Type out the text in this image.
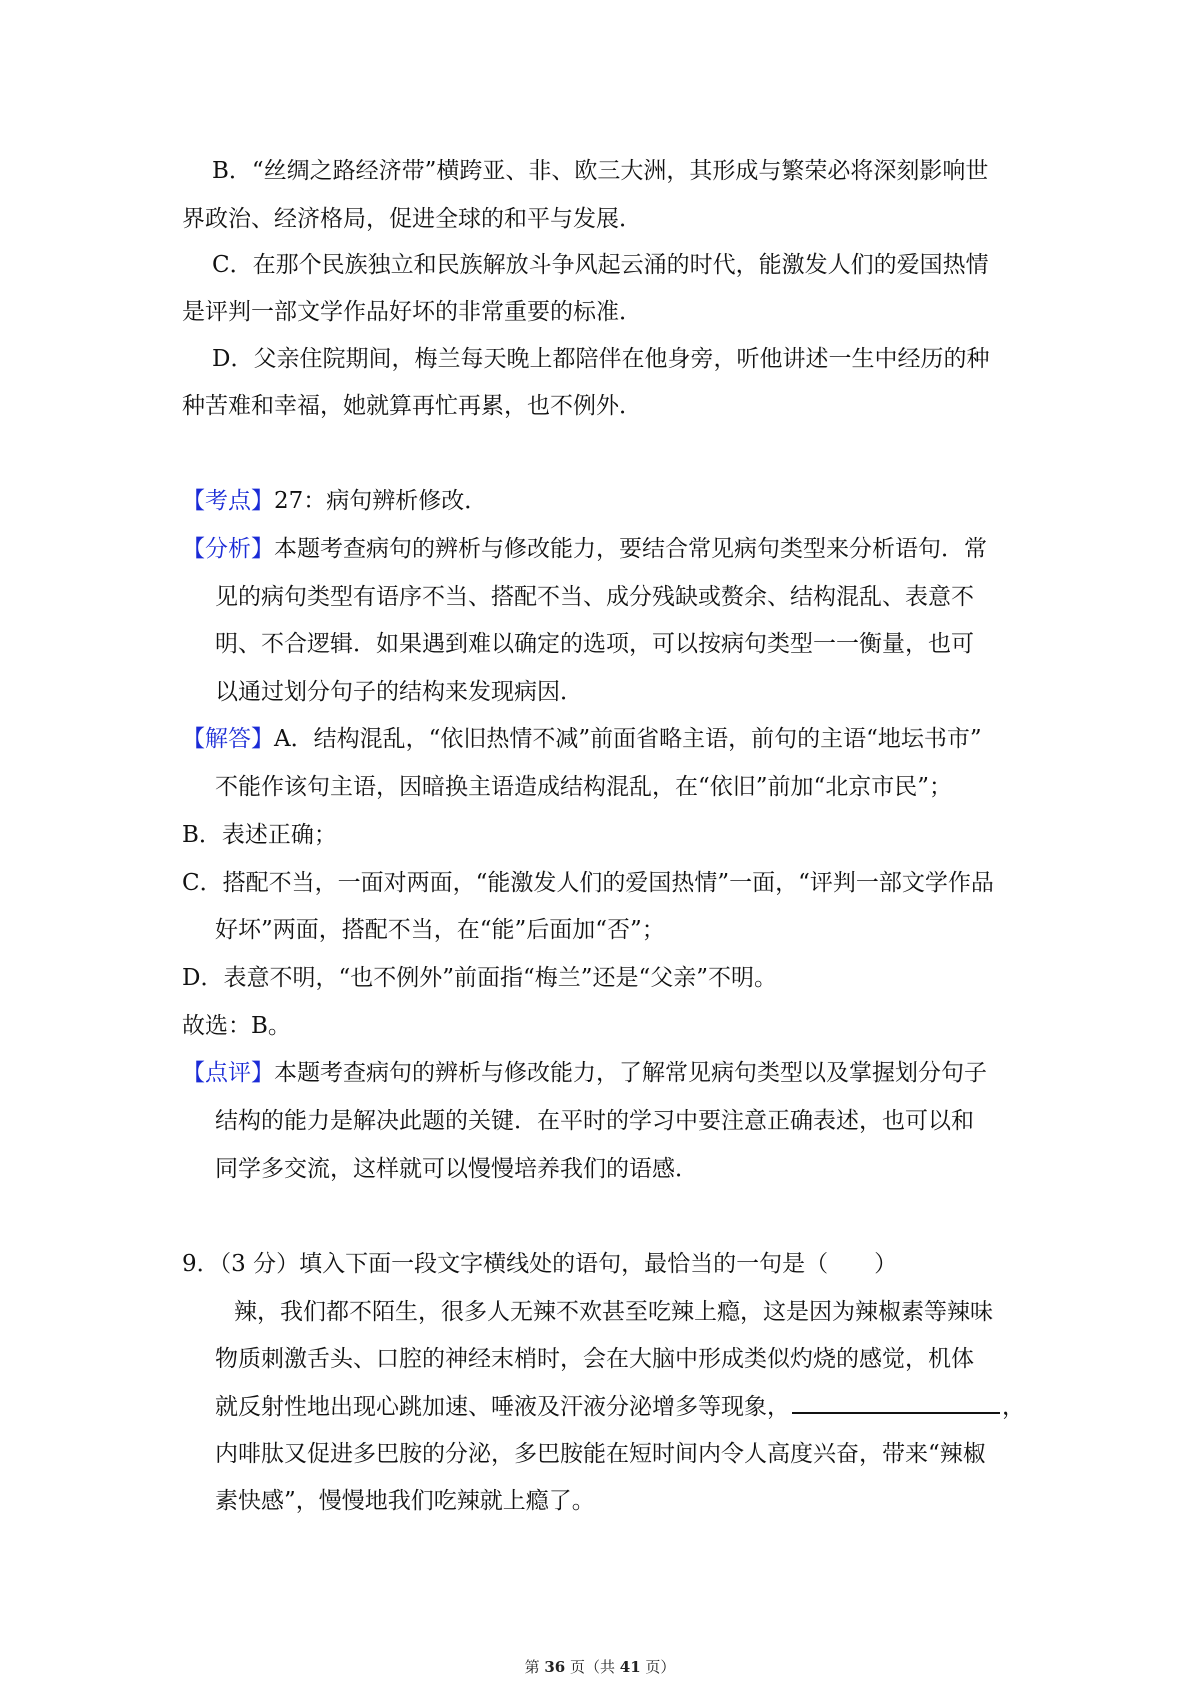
B．“丝绸之路经济带”横跨亚、非、欧三大洲，其形成与繁荣必将深刻影响世
界政治、经济格局，促进全球的和平与发展．
C．在那个民族独立和民族解放斗争风起云涌的时代，能激发人们的爱国热情
是评判一部文学作品好坏的非常重要的标准．
D．父亲住院期间，梅兰每天晚上都陪伴在他身旁，听他讲述一生中经历的种
种苦难和幸福，她就算再忙再累，也不例外．
【考点】27：病句辨析修改．
【分析】本题考查病句的辨析与修改能力，要结合常见病句类型来分析语句．常
见的病句类型有语序不当、搭配不当、成分残缺或赘余、结构混乱、表意不
明、不合逻辑．如果遇到难以确定的选项，可以按病句类型一一衡量，也可
以通过划分句子的结构来发现病因．
【解答】A．结构混乱，“依旧热情不减”前面省略主语，前句的主语“地坛书市”
不能作该句主语，因暗换主语造成结构混乱，在“依旧”前加“北京市民”；
B．表述正确；
C．搭配不当，一面对两面，“能激发人们的爱国热情”一面，“评判一部文学作品
好坏”两面，搭配不当，在“能”后面加“否”；
D．表意不明，“也不例外”前面指“梅兰”还是“父亲”不明。
故选：B。
【点评】本题考查病句的辨析与修改能力，了解常见病句类型以及掌握划分句子
结构的能力是解决此题的关键．在平时的学习中要注意正确表述，也可以和
同学多交流，这样就可以慢慢培养我们的语感．
9．（3 分）填入下面一段文字横线处的语句，最恰当的一句是（　　）
辣，我们都不陌生，很多人无辣不欢甚至吃辣上瘾，这是因为辣椒素等辣味
物质刺激舌头、口腔的神经末梢时，会在大脑中形成类似灼烧的感觉，机体
就反射性地出现心跳加速、唾液及汗液分泌增多等现象，	，
内啡肽又促进多巴胺的分泌，多巴胺能在短时间内令人高度兴奋，带来“辣椒
素快感”，慢慢地我们吃辣就上瘾了。
第 36 页（共 41 页）
